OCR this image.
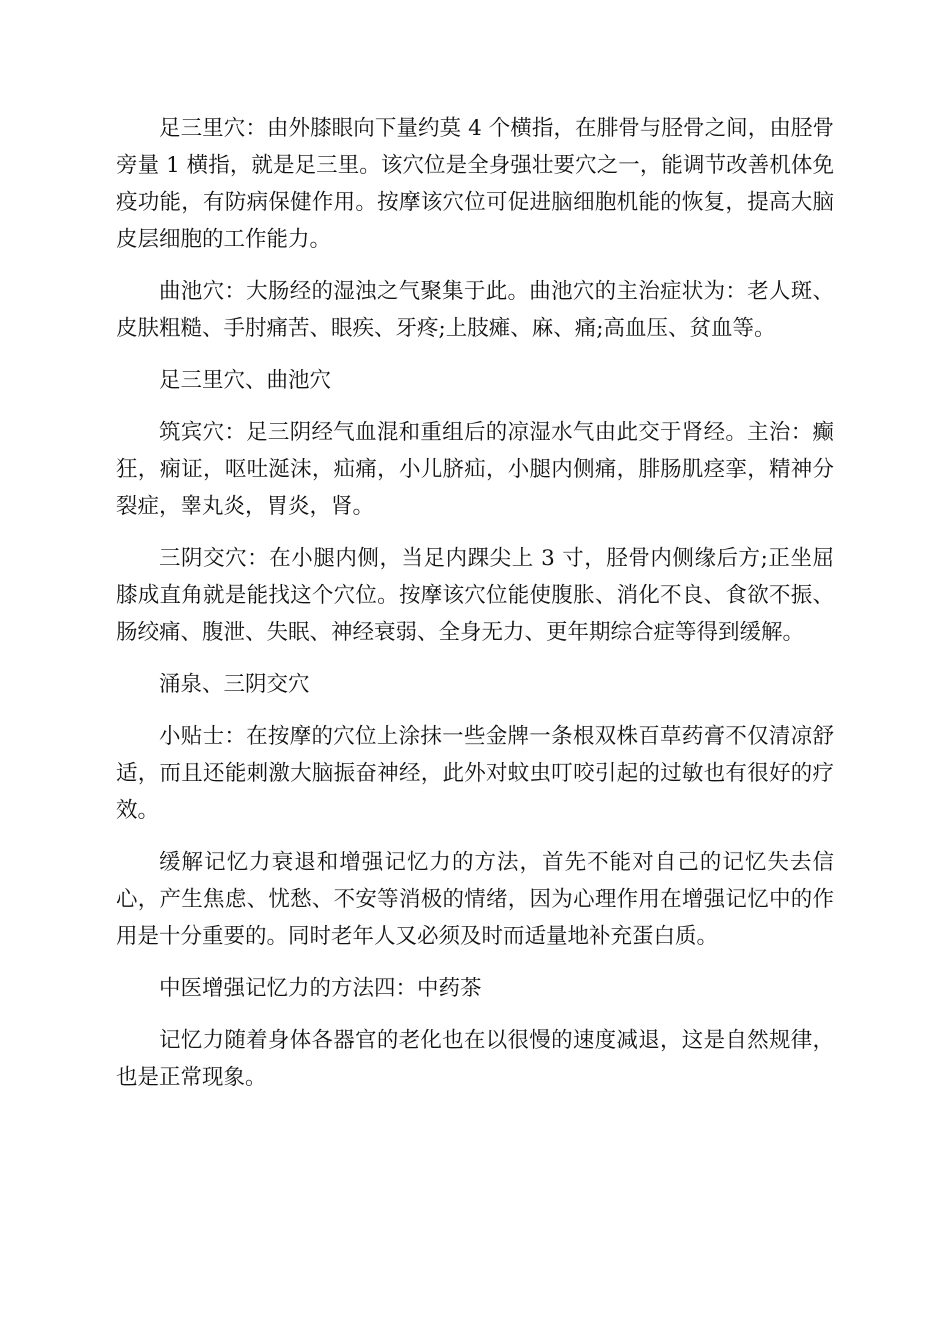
足三里穴：由外膝眼向下量约莫 4 个横指，在腓骨与胫骨之间，由胫骨旁量 1 横指，就是足三里。该穴位是全身强壮要穴之一，能调节改善机体免疫功能，有防病保健作用。按摩该穴位可促进脑细胞机能的恢复，提高大脑皮层细胞的工作能力。

曲池穴：大肠经的湿浊之气聚集于此。曲池穴的主治症状为：老人斑、皮肤粗糙、手肘痛苦、眼疾、牙疼;上肢瘫、麻、痛;高血压、贫血等。

足三里穴、曲池穴

筑宾穴：足三阴经气血混和重组后的凉湿水气由此交于肾经。主治：癫狂，痫证，呕吐涎沫，疝痛，小儿脐疝，小腿内侧痛，腓肠肌痉挛，精神分裂症，睾丸炎，胃炎，肾。

三阴交穴：在小腿内侧，当足内踝尖上 3 寸，胫骨内侧缘后方;正坐屈膝成直角就是能找这个穴位。按摩该穴位能使腹胀、消化不良、食欲不振、肠绞痛、腹泄、失眠、神经衰弱、全身无力、更年期综合症等得到缓解。

涌泉、三阴交穴

小贴士：在按摩的穴位上涂抹一些金牌一条根双株百草药膏不仅清凉舒适，而且还能刺激大脑振奋神经，此外对蚊虫叮咬引起的过敏也有很好的疗效。

缓解记忆力衰退和增强记忆力的方法，首先不能对自己的记忆失去信心，产生焦虑、忧愁、不安等消极的情绪，因为心理作用在增强记忆中的作用是十分重要的。同时老年人又必须及时而适量地补充蛋白质。

中医增强记忆力的方法四：中药茶

记忆力随着身体各器官的老化也在以很慢的速度减退，这是自然规律，也是正常现象。
